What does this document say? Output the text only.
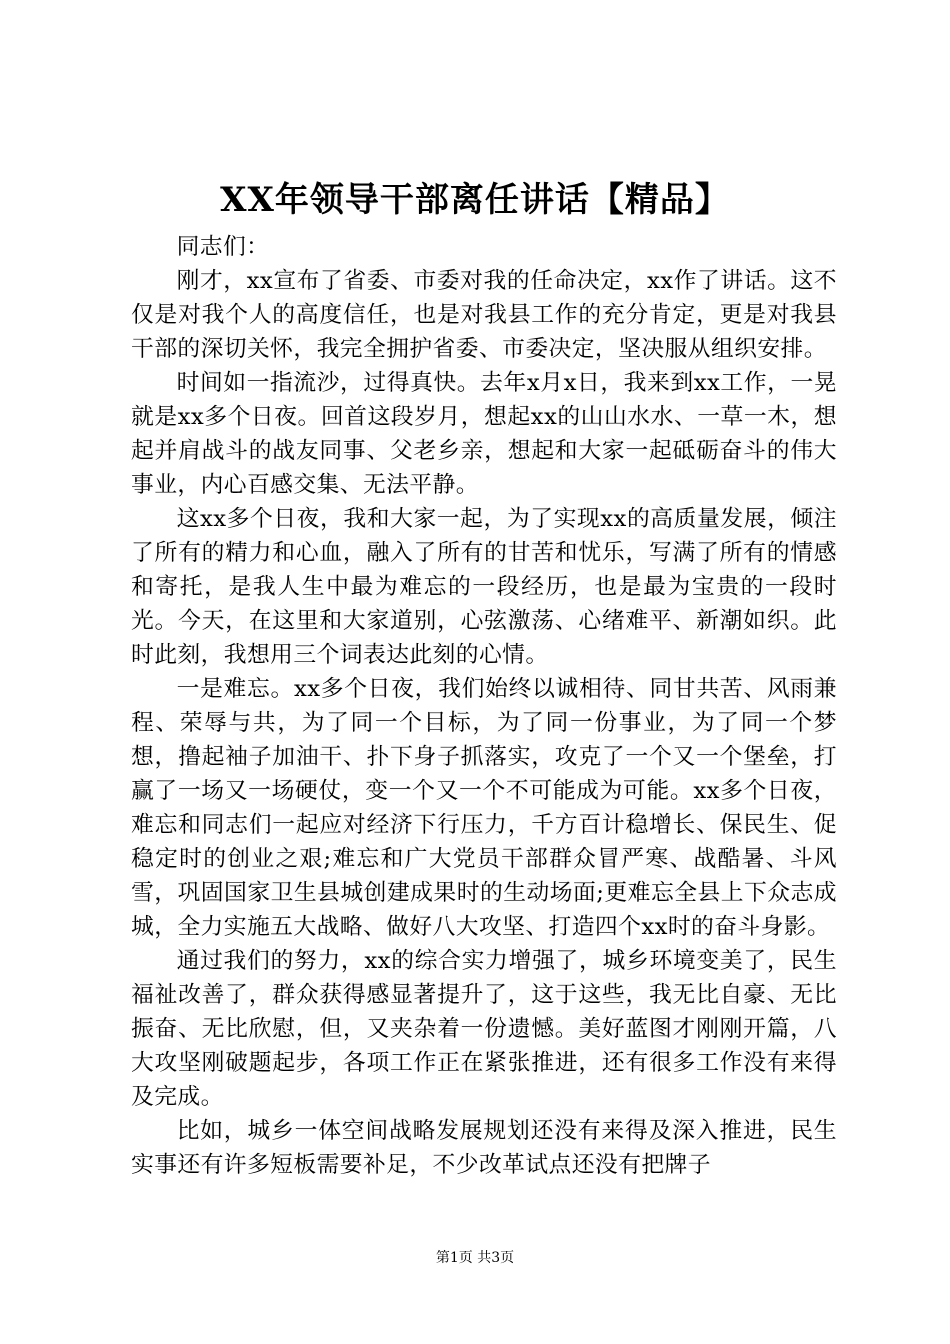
XX年领导干部离任讲话【精品】

同志们：

刚才，xx宣布了省委、市委对我的任命决定，xx作了讲话。这不仅是对我个人的高度信任，也是对我县工作的充分肯定，更是对我县干部的深切关怀，我完全拥护省委、市委决定，坚决服从组织安排。

时间如一指流沙，过得真快。去年x月x日，我来到xx工作，一晃就是xx多个日夜。回首这段岁月，想起xx的山山水水、一草一木，想起并肩战斗的战友同事、父老乡亲，想起和大家一起砥砺奋斗的伟大事业，内心百感交集、无法平静。

这xx多个日夜，我和大家一起，为了实现xx的高质量发展，倾注了所有的精力和心血，融入了所有的甘苦和忧乐，写满了所有的情感和寄托，是我人生中最为难忘的一段经历，也是最为宝贵的一段时光。今天，在这里和大家道别，心弦激荡、心绪难平、新潮如织。此时此刻，我想用三个词表达此刻的心情。

一是难忘。xx多个日夜，我们始终以诚相待、同甘共苦、风雨兼程、荣辱与共，为了同一个目标，为了同一份事业，为了同一个梦想，撸起袖子加油干、扑下身子抓落实，攻克了一个又一个堡垒，打赢了一场又一场硬仗，变一个又一个不可能成为可能。xx多个日夜，难忘和同志们一起应对经济下行压力，千方百计稳增长、保民生、促稳定时的创业之艰;难忘和广大党员干部群众冒严寒、战酷暑、斗风雪，巩固国家卫生县城创建成果时的生动场面;更难忘全县上下众志成城，全力实施五大战略、做好八大攻坚、打造四个xx时的奋斗身影。

通过我们的努力，xx的综合实力增强了，城乡环境变美了，民生福祉改善了，群众获得感显著提升了，这于这些，我无比自豪、无比振奋、无比欣慰，但，又夹杂着一份遗憾。美好蓝图才刚刚开篇，八大攻坚刚破题起步，各项工作正在紧张推进，还有很多工作没有来得及完成。

比如，城乡一体空间战略发展规划还没有来得及深入推进，民生实事还有许多短板需要补足，不少改革试点还没有把牌子

第1页 共3页
